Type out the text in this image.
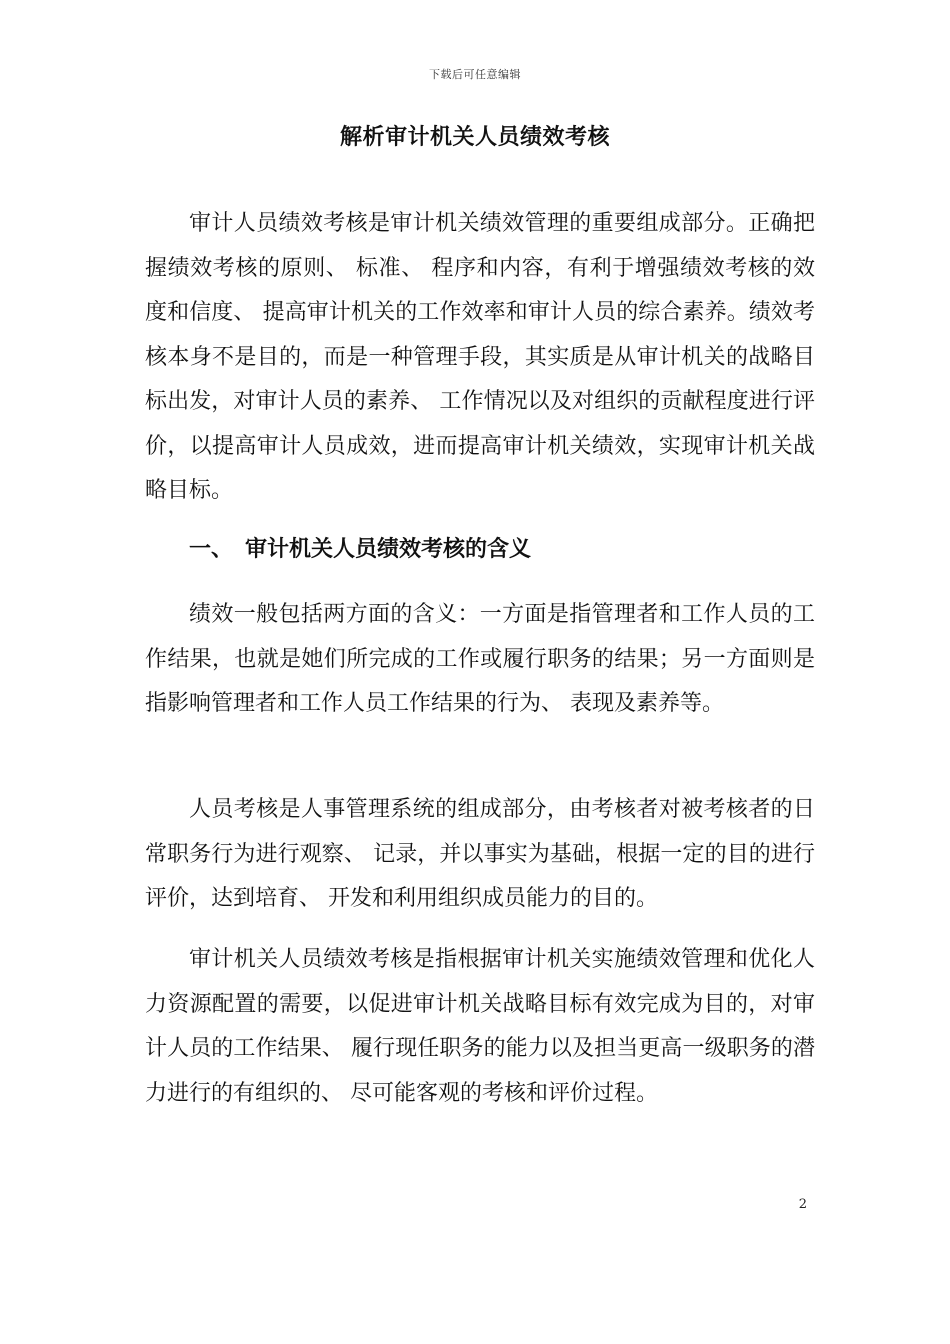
下载后可任意编辑
解析审计机关人员绩效考核

审计人员绩效考核是审计机关绩效管理的重要组成部分。正确把握绩效考核的原则、 标准、 程序和内容，有利于增强绩效考核的效度和信度、 提高审计机关的工作效率和审计人员的综合素养。绩效考核本身不是目的，而是一种管理手段，其实质是从审计机关的战略目标出发，对审计人员的素养、 工作情况以及对组织的贡献程度进行评价，以提高审计人员成效，进而提高审计机关绩效，实现审计机关战略目标。

一、 审计机关人员绩效考核的含义

绩效一般包括两方面的含义：一方面是指管理者和工作人员的工作结果，也就是她们所完成的工作或履行职务的结果；另一方面则是指影响管理者和工作人员工作结果的行为、 表现及素养等。

人员考核是人事管理系统的组成部分，由考核者对被考核者的日常职务行为进行观察、 记录，并以事实为基础，根据一定的目的进行评价，达到培育、 开发和利用组织成员能力的目的。

审计机关人员绩效考核是指根据审计机关实施绩效管理和优化人力资源配置的需要，以促进审计机关战略目标有效完成为目的，对审计人员的工作结果、 履行现任职务的能力以及担当更高一级职务的潜力进行的有组织的、 尽可能客观的考核和评价过程。

2
